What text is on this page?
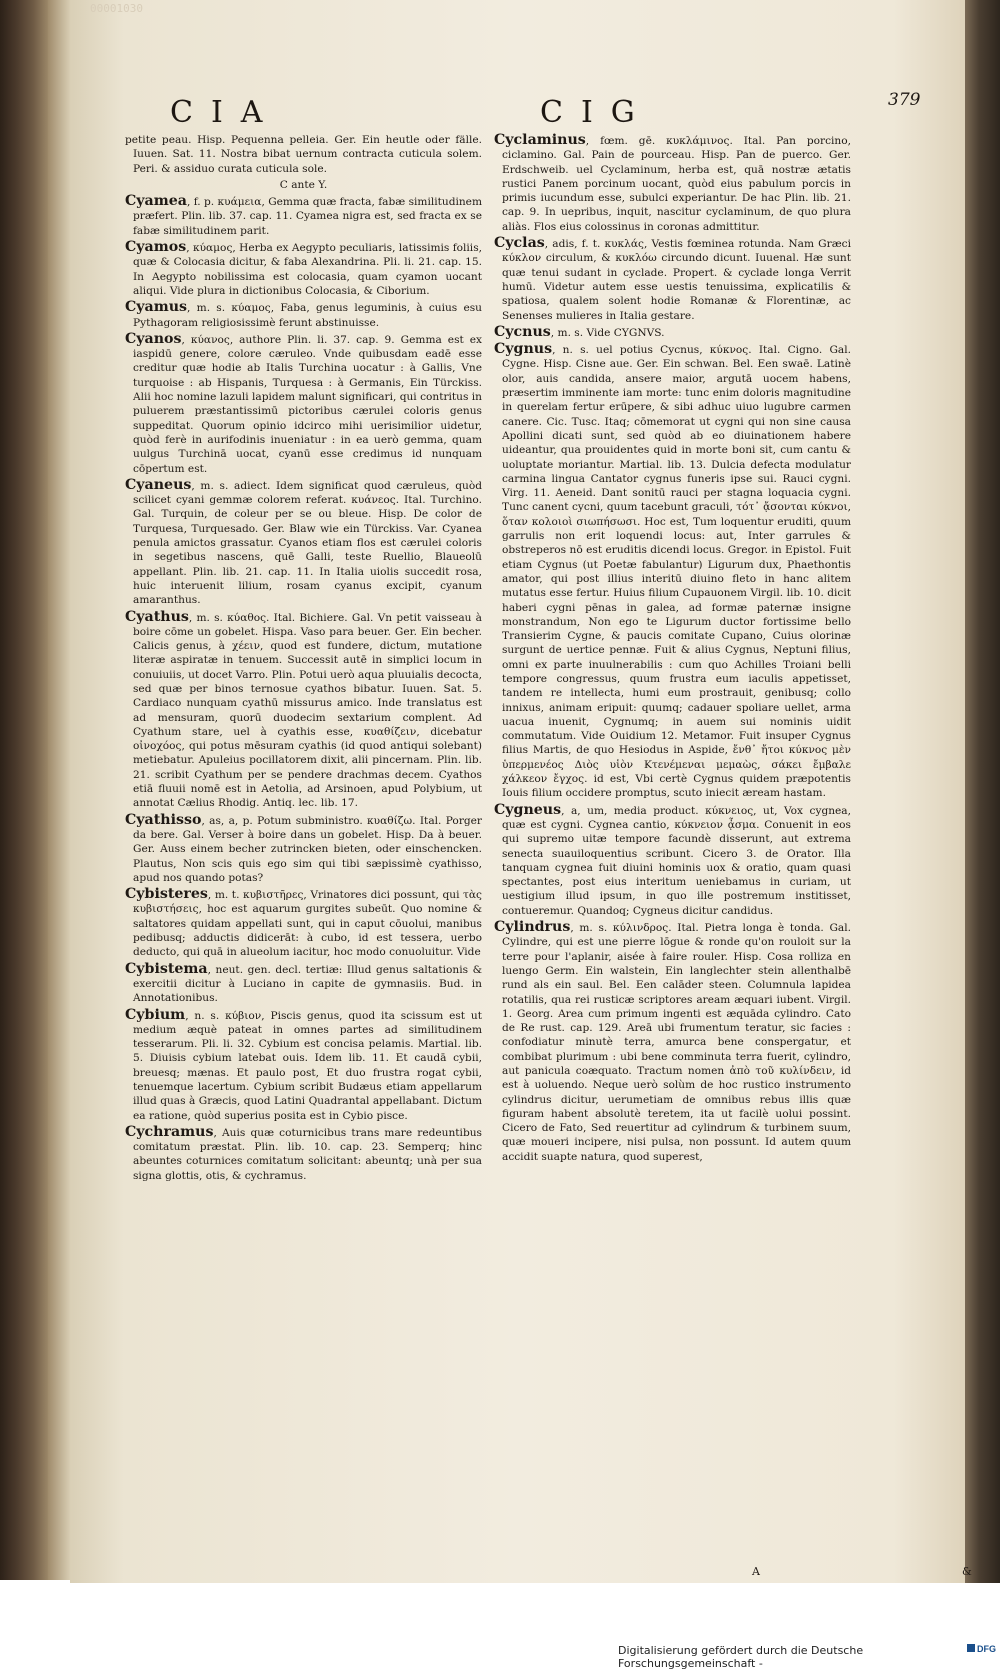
00001030
CIA	CIG	379
petite peau. Hisp. Pequenna pelleia. Ger. Ein heutle oder fälle. Iuuen. Sat. 11. Nostra bibat uernum contracta cuticula solem. Peri. & assiduo curata cuticula sole.
C ante Y.
Cyamea, f. p. κυάμεια, Gemma quæ fracta, fabæ similitudinem præfert. Plin. lib. 37. cap. 11. Cyamea nigra est, sed fracta ex se fabæ similitudinem parit.
Cyamos, κύαμος, Herba ex Aegypto peculiaris, latissimis foliis, quæ & Colocasia dicitur, & faba Alexandrina. Pli. li. 21. cap. 15. In Aegypto nobilissima est colocasia, quam cyamon uocant aliqui. Vide plura in dictionibus Colocasia, & Ciborium.
Cyamus, m. s. κύαμος, Faba, genus leguminis, à cuius esu Pythagoram religiosissimè ferunt abstinuisse.
Cyanos, κύανος, authore Plin. li. 37. cap. 9. Gemma est ex iaspidū genere, colore cæruleo. Vnde quibusdam eadē esse creditur quæ hodie ab Italis Turchina uocatur : à Gallis, Vne turquoise : ab Hispanis, Turquesa : à Germanis, Ein Türckiss. Alii hoc nomine lazuli lapidem malunt significari, qui contritus in puluerem præstantissimū pictoribus cærulei coloris genus suppeditat. Quorum opinio idcirco mihi uerisimilior uidetur, quòd ferè in aurifodinis inueniatur : in ea uerò gemma, quam uulgus Turchinā uocat, cyanū esse credimus id nunquam cōpertum est.
Cyaneus, m. s. adiect. Idem significat quod cæruleus, quòd scilicet cyani gemmæ colorem referat. κυάνεος. Ital. Turchino. Gal. Turquin, de coleur per se ou bleue. Hisp. De color de Turquesa, Turquesado. Ger. Blaw wie ein Türckiss. Var. Cyanea penula amictos grassatur. Cyanos etiam flos est cærulei coloris in segetibus nascens, quē Galli, teste Ruellio, Blaueolū appellant. Plin. lib. 21. cap. 11. In Italia uiolis succedit rosa, huic interuenit lilium, rosam cyanus excipit, cyanum amaranthus.
Cyathus, m. s. κύαθος. Ital. Bichiere. Gal. Vn petit vaisseau à boire cōme un gobelet. Hispa. Vaso para beuer. Ger. Ein becher. Calicis genus, à χέειν, quod est fundere, dictum, mutatione literæ aspiratæ in tenuem. Successit autē in simplici locum in conuiuiis, ut docet Varro. Plin. Potui uerò aqua pluuialis decocta, sed quæ per binos ternosue cyathos bibatur. Iuuen. Sat. 5. Cardiaco nunquam cyathū missurus amico. Inde translatus est ad mensuram, quorū duodecim sextarium complent. Ad Cyathum stare, uel à cyathis esse, κυαθίζειν, dicebatur οἰνοχόος, qui potus mēsuram cyathis (id quod antiqui solebant) metiebatur. Apuleius pocillatorem dixit, alii pincernam. Plin. lib. 21. scribit Cyathum per se pendere drachmas decem. Cyathos etiā fluuii nomē est in Aetolia, ad Arsinoen, apud Polybium, ut annotat Cælius Rhodig. Antiq. lec. lib. 17.
Cyathisso, as, a, p. Potum subministro. κυαθίζω. Ital. Porger da bere. Gal. Verser à boire dans un gobelet. Hisp. Da à beuer. Ger. Auss einem becher zutrincken bieten, oder einschencken. Plautus, Non scis quis ego sim qui tibi sæpissimè cyathisso, apud nos quando potas?
Cybisteres, m. t. κυβιστῆρες, Vrinatores dici possunt, qui τὰς κυβιστήσεις, hoc est aquarum gurgites subeūt. Quo nomine & saltatores quidam appellati sunt, qui in caput cōuolui, manibus pedibusq; adductis didicerāt: à cubo, id est tessera, uerbo deducto, qui quā in alueolum iacitur, hoc modo conuoluitur. Vide
Cybistema, neut. gen. decl. tertiæ: Illud genus saltationis & exercitii dicitur à Luciano in capite de gymnasiis. Bud. in Annotationibus.
Cybium, n. s. κύβιον, Piscis genus, quod ita scissum est ut medium æquè pateat in omnes partes ad similitudinem tesserarum. Pli. li. 32. Cybium est concisa pelamis. Martial. lib. 5. Diuisis cybium latebat ouis. Idem lib. 11. Et caudā cybii, breuesq; mænas. Et paulo post, Et duo frustra rogat cybii, tenuemque lacertum. Cybium scribit Budæus etiam appellarum illud quas à Græcis, quod Latini Quadrantal appellabant. Dictum ea ratione, quòd superius posita est in Cybio pisce.
Cychramus, Auis quæ coturnicibus trans mare redeuntibus comitatum præstat. Plin. lib. 10. cap. 23. Semperq; hinc abeuntes coturnices comitatum solicitant: abeuntq; unà per sua signa glottis, otis, & cychramus.
Cyclaminus, fœm. gē. κυκλάμινος. Ital. Pan porcino, ciclamino. Gal. Pain de pourceau. Hisp. Pan de puerco. Ger. Erdschweib. uel Cyclaminum, herba est, quā nostræ ætatis rustici Panem porcinum uocant, quòd eius pabulum porcis in primis iucundum esse, subulci experiantur. De hac Plin. lib. 21. cap. 9. In uepribus, inquit, nascitur cyclaminum, de quo plura aliàs. Flos eius colossinus in coronas admittitur.
Cyclas, adis, f. t. κυκλάς, Vestis fœminea rotunda. Nam Græci κύκλον circulum, & κυκλόω circundo dicunt. Iuuenal. Hæ sunt quæ tenui sudant in cyclade. Propert. & cyclade longa Verrit humū. Videtur autem esse uestis tenuissima, explicatilis & spatiosa, qualem solent hodie Romanæ & Florentinæ, ac Senenses mulieres in Italia gestare.
Cycnus, m. s. Vide CYGNVS.
Cygnus, n. s. uel potius Cycnus, κύκνος. Ital. Cigno. Gal. Cygne. Hisp. Cisne aue. Ger. Ein schwan. Bel. Een swaē. Latinè olor, auis candida, ansere maior, argutā uocem habens, præsertim imminente iam morte: tunc enim doloris magnitudine in querelam fertur erūpere, & sibi adhuc uiuo lugubre carmen canere. Cic. Tusc. Itaq; cōmemorat ut cygni qui non sine causa Apollini dicati sunt, sed quòd ab eo diuinationem habere uideantur, qua prouidentes quid in morte boni sit, cum cantu & uoluptate moriantur. Martial. lib. 13. Dulcia defecta modulatur carmina lingua Cantator cygnus funeris ipse sui. Rauci cygni. Virg. 11. Aeneid. Dant sonitū rauci per stagna loquacia cygni. Tunc canent cycni, quum tacebunt graculi, τότ᾽ ᾄσονται κύκνοι, ὅταν κολοιοὶ σιωπήσωσι. Hoc est, Tum loquentur eruditi, quum garrulis non erit loquendi locus: aut, Inter garrules & obstreperos nō est eruditis dicendi locus. Gregor. in Epistol. Fuit etiam Cygnus (ut Poetæ fabulantur) Ligurum dux, Phaethontis amator, qui post illius interitū diuino fleto in hanc alitem mutatus esse fertur. Huius filium Cupauonem Virgil. lib. 10. dicit haberi cygni pēnas in galea, ad formæ paternæ insigne monstrandum, Non ego te Ligurum ductor fortissime bello Transierim Cygne, & paucis comitate Cupano, Cuius olorinæ surgunt de uertice pennæ. Fuit & alius Cygnus, Neptuni filius, omni ex parte inuulnerabilis : cum quo Achilles Troiani belli tempore congressus, quum frustra eum iaculis appetisset, tandem re intellecta, humi eum prostrauit, genibusq; collo innixus, animam eripuit: quumq; cadauer spoliare uellet, arma uacua inuenit, Cygnumq; in auem sui nominis uidit commutatum. Vide Ouidium 12. Metamor. Fuit insuper Cygnus filius Martis, de quo Hesiodus in Aspide, ἔνθ᾽ ἤτοι κύκνος μὲν ὑπερμενέος Διὸς υἱὸν Κτενέμεναι μεμαὼς, σάκει ἔμβαλε χάλκεον ἔγχος. id est, Vbi certè Cygnus quidem præpotentis Iouis filium occidere promptus, scuto iniecit æream hastam.
Cygneus, a, um, media product. κύκνειος, ut, Vox cygnea, quæ est cygni. Cygnea cantio, κύκνειον ᾆσμα. Conuenit in eos qui supremo uitæ tempore facundè disserunt, aut extrema senecta suauiloquentius scribunt. Cicero 3. de Orator. Illa tanquam cygnea fuit diuini hominis uox & oratio, quam quasi spectantes, post eius interitum ueniebamus in curiam, ut uestigium illud ipsum, in quo ille postremum institisset, contueremur. Quandoq; Cygneus dicitur candidus.
Cylindrus, m. s. κύλινδρος. Ital. Pietra longa è tonda. Gal. Cylindre, qui est une pierre lōgue & ronde qu'on rouloit sur la terre pour l'aplanir, aisée à faire rouler. Hisp. Cosa rolliza en luengo Germ. Ein walstein, Ein langlechter stein allenthalbē rund als ein saul. Bel. Een calāder steen. Columnula lapidea rotatilis, qua rei rusticæ scriptores aream æquari iubent. Virgil. 1. Georg. Area cum primum ingenti est æquāda cylindro. Cato de Re rust. cap. 129. Areā ubi frumentum teratur, sic facies : confodiatur minutè terra, amurca bene conspergatur, et combibat plurimum : ubi bene comminuta terra fuerit, cylindro, aut panicula coæquato. Tractum nomen ἀπὸ τοῦ κυλίνδειν, id est à uoluendo. Neque uerò solùm de hoc rustico instrumento cylindrus dicitur, uerumetiam de omnibus rebus illis quæ figuram habent absolutè teretem, ita ut facilè uolui possint. Cicero de Fato, Sed reuertitur ad cylindrum & turbinem suum, quæ moueri incipere, nisi pulsa, non possunt. Id autem quum accidit suapte natura, quod superest,
A	&
Digitalisierung gefördert durch die Deutsche Forschungsgemeinschaft -
DFG
